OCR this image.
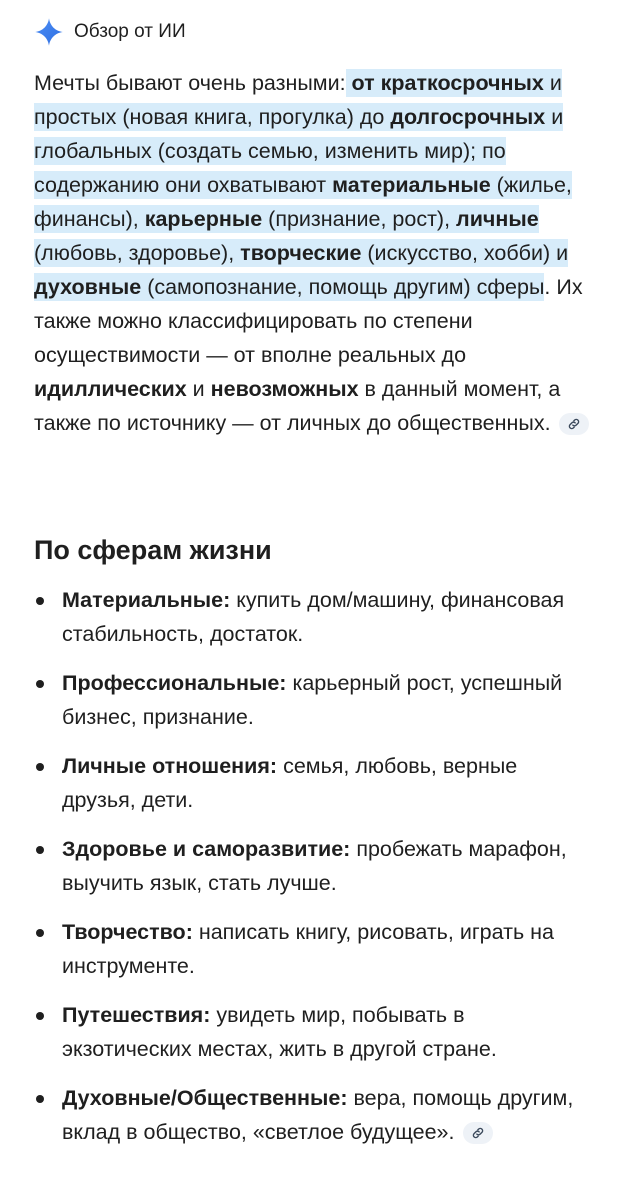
Обзор от ИИ

Мечты бывают очень разными: от краткосрочных и простых (новая книга, прогулка) до долгосрочных и глобальных (создать семью, изменить мир); по содержанию они охватывают материальные (жилье, финансы), карьерные (признание, рост), личные (любовь, здоровье), творческие (искусство, хобби) и духовные (самопознание, помощь другим) сферы. Их также можно классифицировать по степени осуществимости — от вполне реальных до идиллических и невозможных в данный момент, а также по источнику — от личных до общественных.

По сферам жизни
Материальные: купить дом/машину, финансовая стабильность, достаток.
Профессиональные: карьерный рост, успешный бизнес, признание.
Личные отношения: семья, любовь, верные друзья, дети.
Здоровье и саморазвитие: пробежать марафон, выучить язык, стать лучше.
Творчество: написать книгу, рисовать, играть на инструменте.
Путешествия: увидеть мир, побывать в экзотических местах, жить в другой стране.
Духовные/Общественные: вера, помощь другим, вклад в общество, «светлое будущее».
